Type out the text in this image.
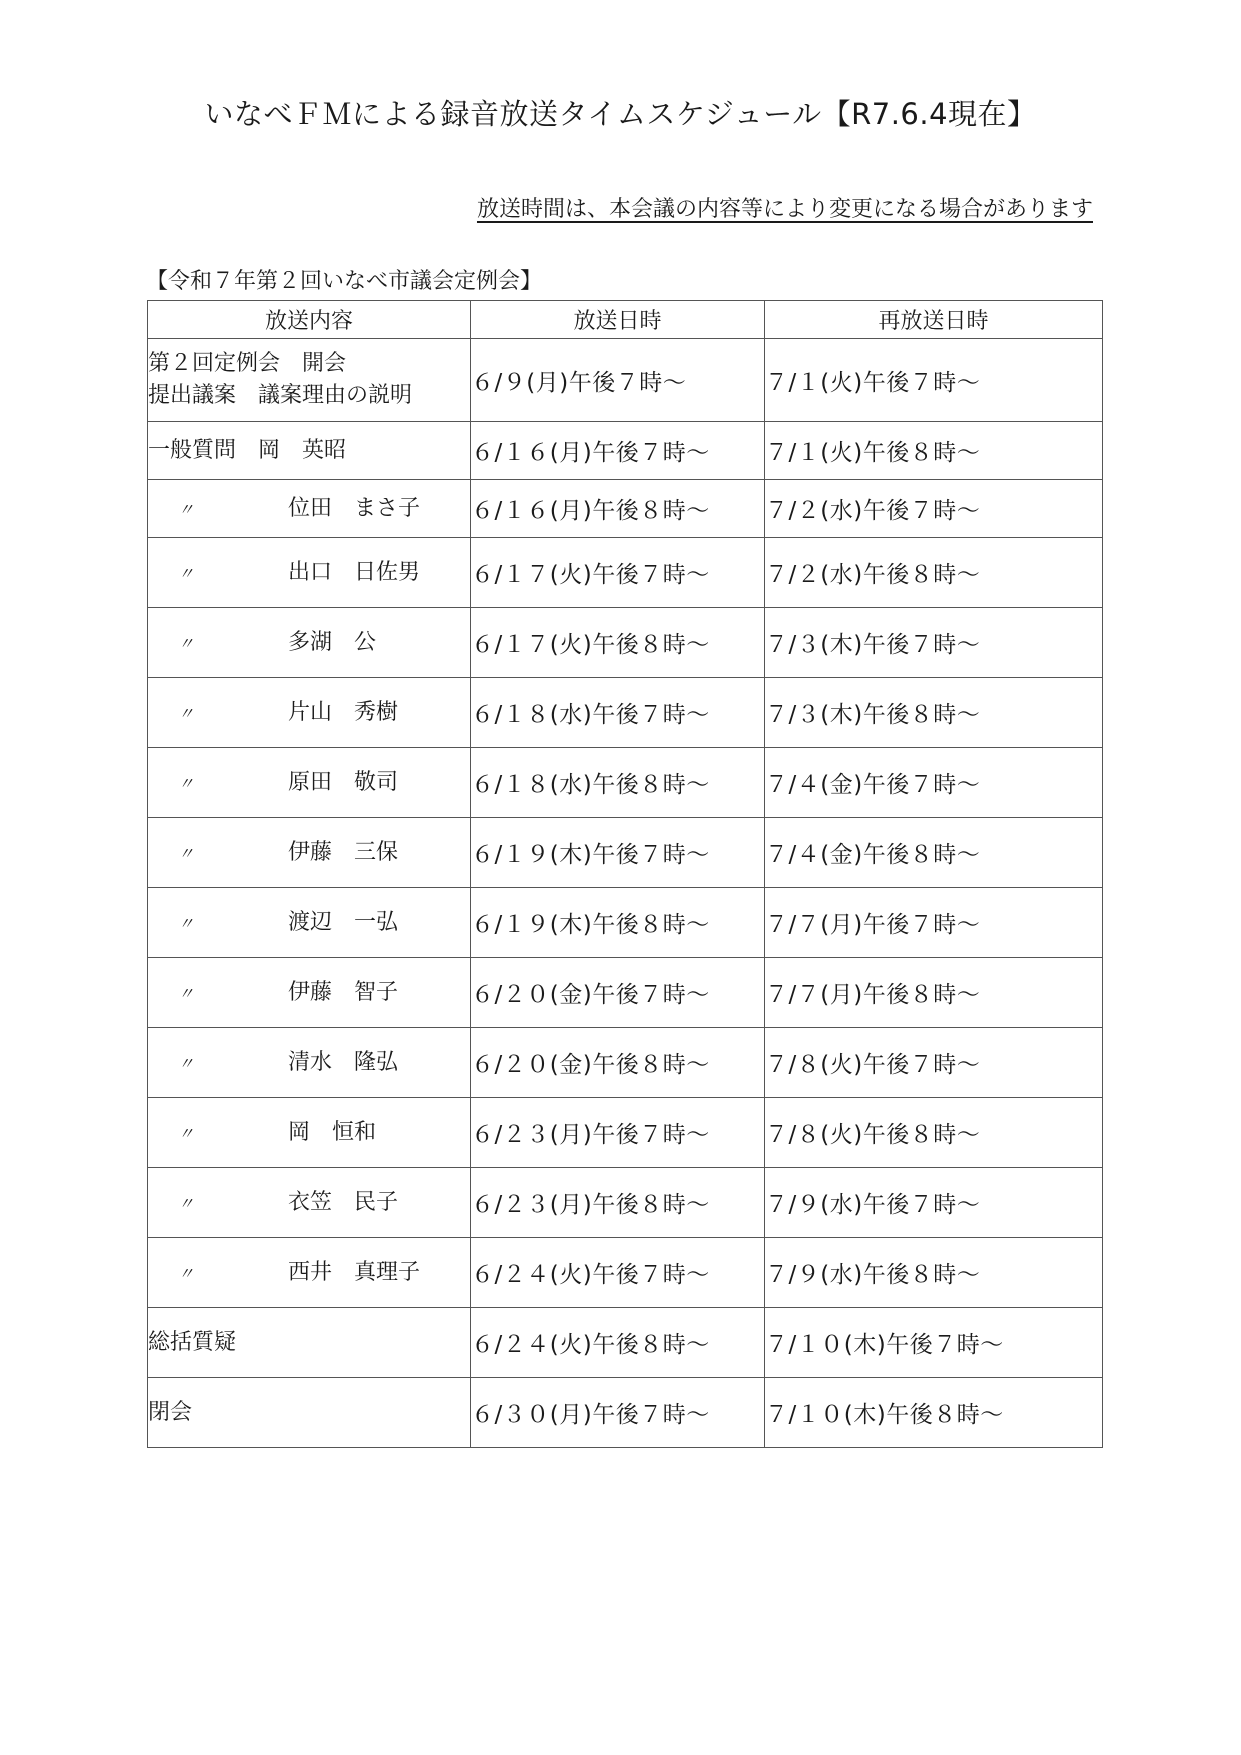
いなべＦＭによる録音放送タイムスケジュール【R7.6.4現在】
放送時間は、本会議の内容等により変更になる場合があります
【令和７年第２回いなべ市議会定例会】
放送内容	放送日時	再放送日時

第２回定例会　開会
提出議案　議案理由の説明	６/９(月)午後７時～	７/１(火)午後７時～
一般質問　岡　英昭	６/１６(月)午後７時～	７/１(火)午後８時～
〃 位田　まさ子	６/１６(月)午後８時～	７/２(水)午後７時～
〃 出口　日佐男	６/１７(火)午後７時～	７/２(水)午後８時～
〃 多湖　公	６/１７(火)午後８時～	７/３(木)午後７時～
〃 片山　秀樹	６/１８(水)午後７時～	７/３(木)午後８時～
〃 原田　敬司	６/１８(水)午後８時～	７/４(金)午後７時～
〃 伊藤　三保	６/１９(木)午後７時～	７/４(金)午後８時～
〃 渡辺　一弘	６/１９(木)午後８時～	７/７(月)午後７時～
〃 伊藤　智子	６/２０(金)午後７時～	７/７(月)午後８時～
〃 清水　隆弘	６/２０(金)午後８時～	７/８(火)午後７時～
〃 岡　恒和	６/２３(月)午後７時～	７/８(火)午後８時～
〃 衣笠　民子	６/２３(月)午後８時～	７/９(水)午後７時～
〃 西井　真理子	６/２４(火)午後７時～	７/９(水)午後８時～
総括質疑	６/２４(火)午後８時～	７/１０(木)午後７時～
閉会	６/３０(月)午後７時～	７/１０(木)午後８時～
